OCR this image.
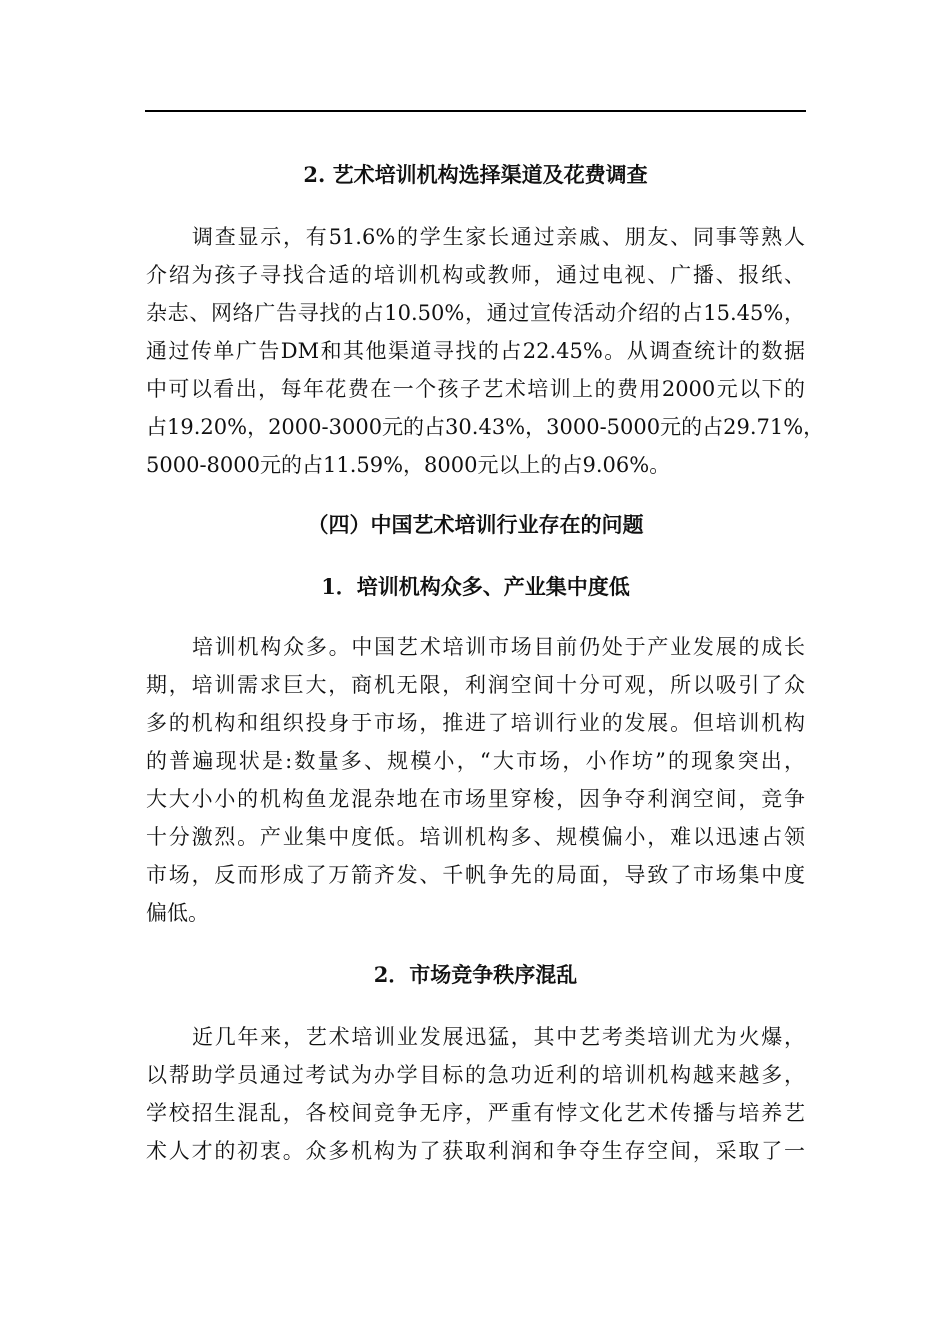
2. 艺术培训机构选择渠道及花费调查
调查显示，有51.6%的学生家长通过亲戚、朋友、同事等熟人
介绍为孩子寻找合适的培训机构或教师，通过电视、广播、报纸、
杂志、网络广告寻找的占10.50%，通过宣传活动介绍的占15.45%，
通过传单广告DM和其他渠道寻找的占22.45%。从调查统计的数据
中可以看出，每年花费在一个孩子艺术培训上的费用2000元以下的
占19.20%，2000-3000元的占30.43%，3000-5000元的占29.71%，
5000-8000元的占11.59%，8000元以上的占9.06%。
（四）中国艺术培训行业存在的问题
1．培训机构众多、产业集中度低
培训机构众多。中国艺术培训市场目前仍处于产业发展的成长
期，培训需求巨大，商机无限，利润空间十分可观，所以吸引了众
多的机构和组织投身于市场，推进了培训行业的发展。但培训机构
的普遍现状是:数量多、规模小，“大市场，小作坊”的现象突出，
大大小小的机构鱼龙混杂地在市场里穿梭，因争夺利润空间，竞争
十分激烈。产业集中度低。培训机构多、规模偏小，难以迅速占领
市场，反而形成了万箭齐发、千帆争先的局面，导致了市场集中度
偏低。
2．市场竞争秩序混乱
近几年来，艺术培训业发展迅猛，其中艺考类培训尤为火爆，
以帮助学员通过考试为办学目标的急功近利的培训机构越来越多，
学校招生混乱，各校间竞争无序，严重有悖文化艺术传播与培养艺
术人才的初衷。众多机构为了获取利润和争夺生存空间，采取了一
